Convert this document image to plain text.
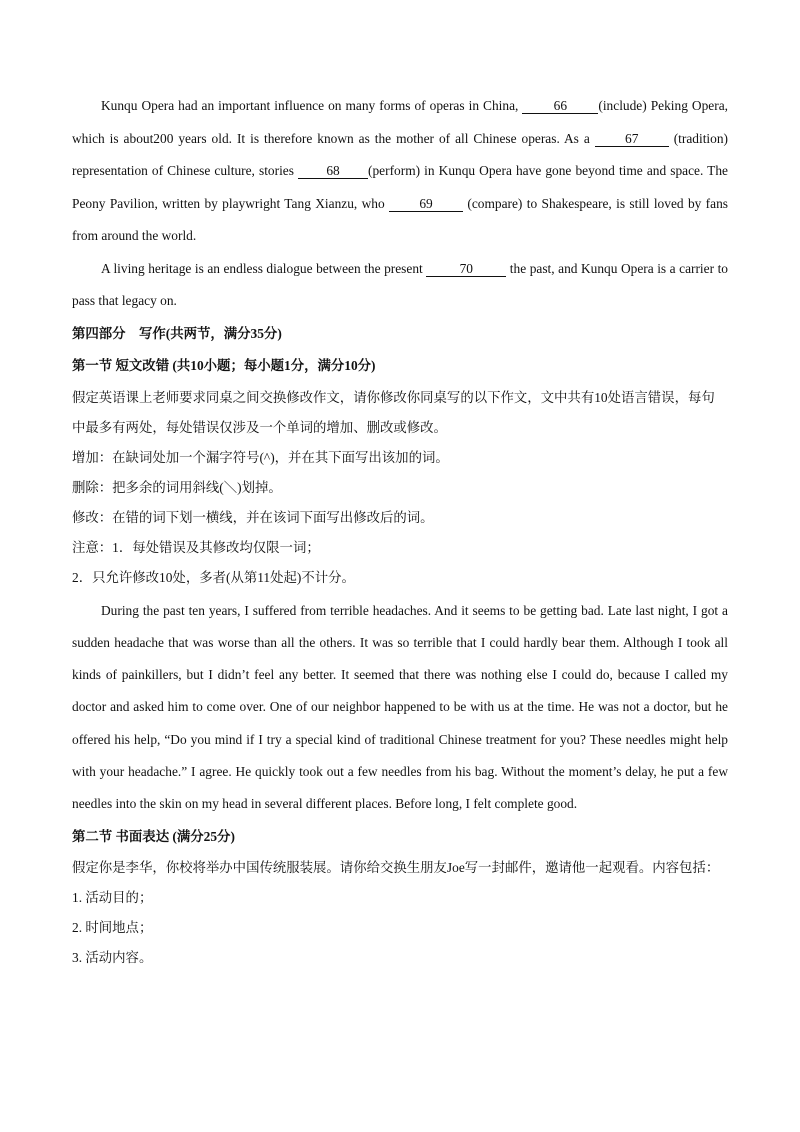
Kunqu Opera had an important influence on many forms of operas in China, 66 (include) Peking Opera, which is about200 years old. It is therefore known as the mother of all Chinese operas. As a 67 (tradition) representation of Chinese culture, stories 68 (perform) in Kunqu Opera have gone beyond time and space. The Peony Pavilion, written by playwright Tang Xianzu, who 69 (compare) to Shakespeare, is still loved by fans from around the world.

A living heritage is an endless dialogue between the present 70 the past, and Kunqu Opera is a carrier to pass that legacy on.

第四部分　写作(共两节，满分35分)

第一节 短文改错 (共10小题；每小题1分，满分10分)

假定英语课上老师要求同桌之间交换修改作文，请你修改你同桌写的以下作文，文中共有10处语言错误，每句中最多有两处，每处错误仅涉及一个单词的增加、删改或修改。

增加：在缺词处加一个漏字符号(^)，并在其下面写出该加的词。

删除：把多余的词用斜线(＼)划掉。

修改：在错的词下划一横线，并在该词下面写出修改后的词。

注意：1．每处错误及其修改均仅限一词；

2．只允许修改10处，多者(从第11处起)不计分。

During the past ten years, I suffered from terrible headaches. And it seems to be getting bad. Late last night, I got a sudden headache that was worse than all the others. It was so terrible that I could hardly bear them. Although I took all kinds of painkillers, but I didn’t feel any better. It seemed that there was nothing else I could do, because I called my doctor and asked him to come over. One of our neighbor happened to be with us at the time. He was not a doctor, but he offered his help, “Do you mind if I try a special kind of traditional Chinese treatment for you? These needles might help with your headache.” I agree. He quickly took out a few needles from his bag. Without the moment’s delay, he put a few needles into the skin on my head in several different places. Before long, I felt complete good.

第二节 书面表达 (满分25分)

假定你是李华，你校将举办中国传统服装展。请你给交换生朋友Joe写一封邮件，邀请他一起观看。内容包括：

1. 活动目的；

2. 时间地点；

3. 活动内容。
